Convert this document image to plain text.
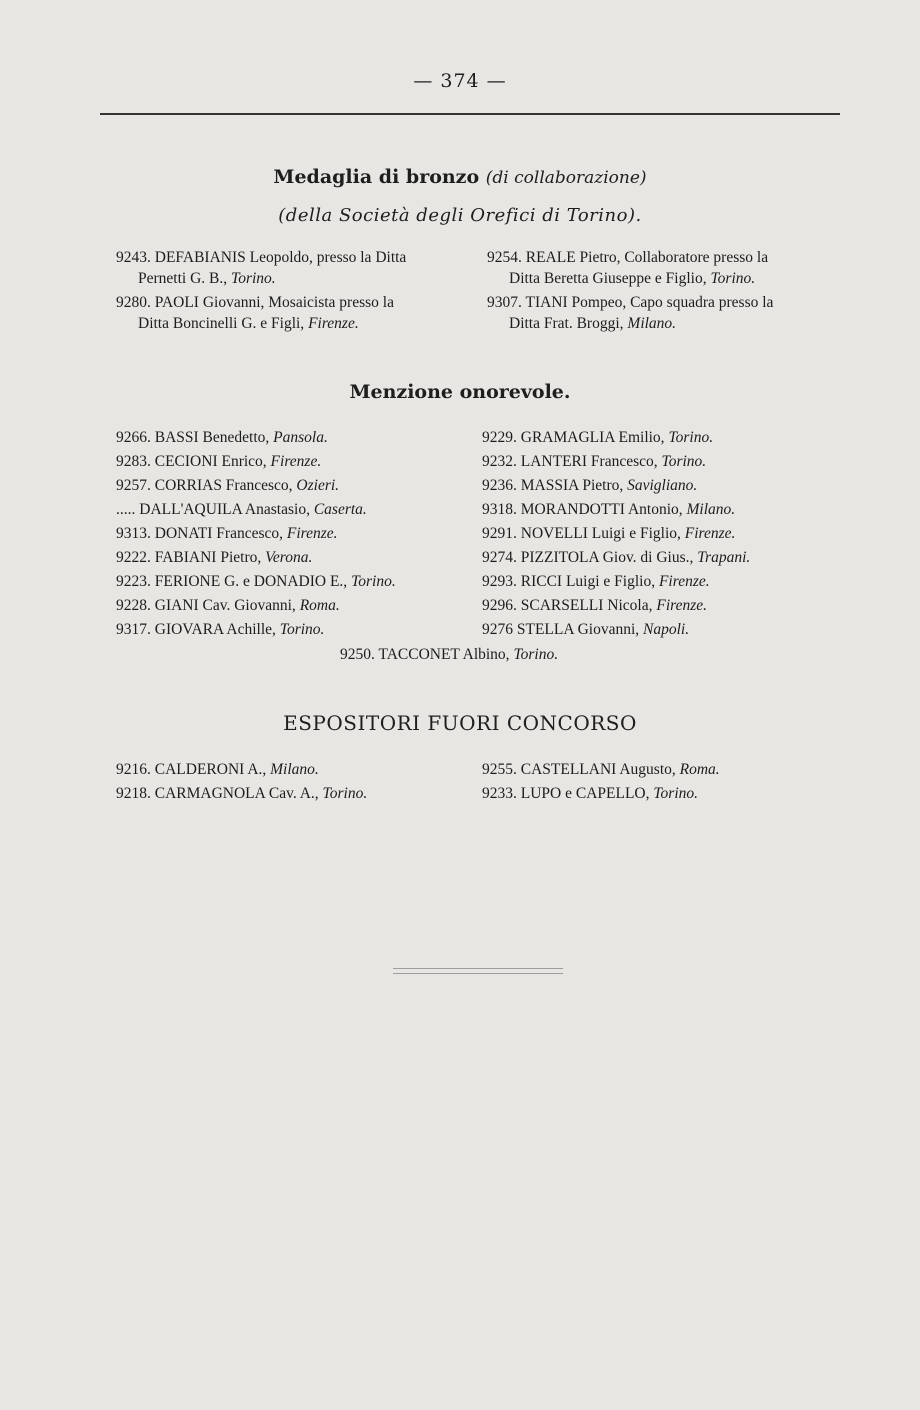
— 374 —
Medaglia di bronzo (di collaborazione)
(della Società degli Orefici di Torino).
9243. DEFABIANIS Leopoldo, presso la Ditta
Pernetti G. B., Torino.
9280. PAOLI Giovanni, Mosaicista presso la
Ditta Boncinelli G. e Figli, Firenze.
9254. REALE Pietro, Collaboratore presso la
Ditta Beretta Giuseppe e Figlio, Torino.
9307. TIANI Pompeo, Capo squadra presso la
Ditta Frat. Broggi, Milano.
Menzione onorevole.
9266. BASSI Benedetto, Pansola.
9283. CECIONI Enrico, Firenze.
9257. CORRIAS Francesco, Ozieri.
..... DALL'AQUILA Anastasio, Caserta.
9313. DONATI Francesco, Firenze.
9222. FABIANI Pietro, Verona.
9223. FERIONE G. e DONADIO E., Torino.
9228. GIANI Cav. Giovanni, Roma.
9317. GIOVARA Achille, Torino.
9229. GRAMAGLIA Emilio, Torino.
9232. LANTERI Francesco, Torino.
9236. MASSIA Pietro, Savigliano.
9318. MORANDOTTI Antonio, Milano.
9291. NOVELLI Luigi e Figlio, Firenze.
9274. PIZZITOLA Giov. di Gius., Trapani.
9293. RICCI Luigi e Figlio, Firenze.
9296. SCARSELLI Nicola, Firenze.
9276 STELLA Giovanni, Napoli.
9250. TACCONET Albino, Torino.
ESPOSITORI FUORI CONCORSO
9216. CALDERONI A., Milano.
9218. CARMAGNOLA Cav. A., Torino.
9255. CASTELLANI Augusto, Roma.
9233. LUPO e CAPELLO, Torino.
